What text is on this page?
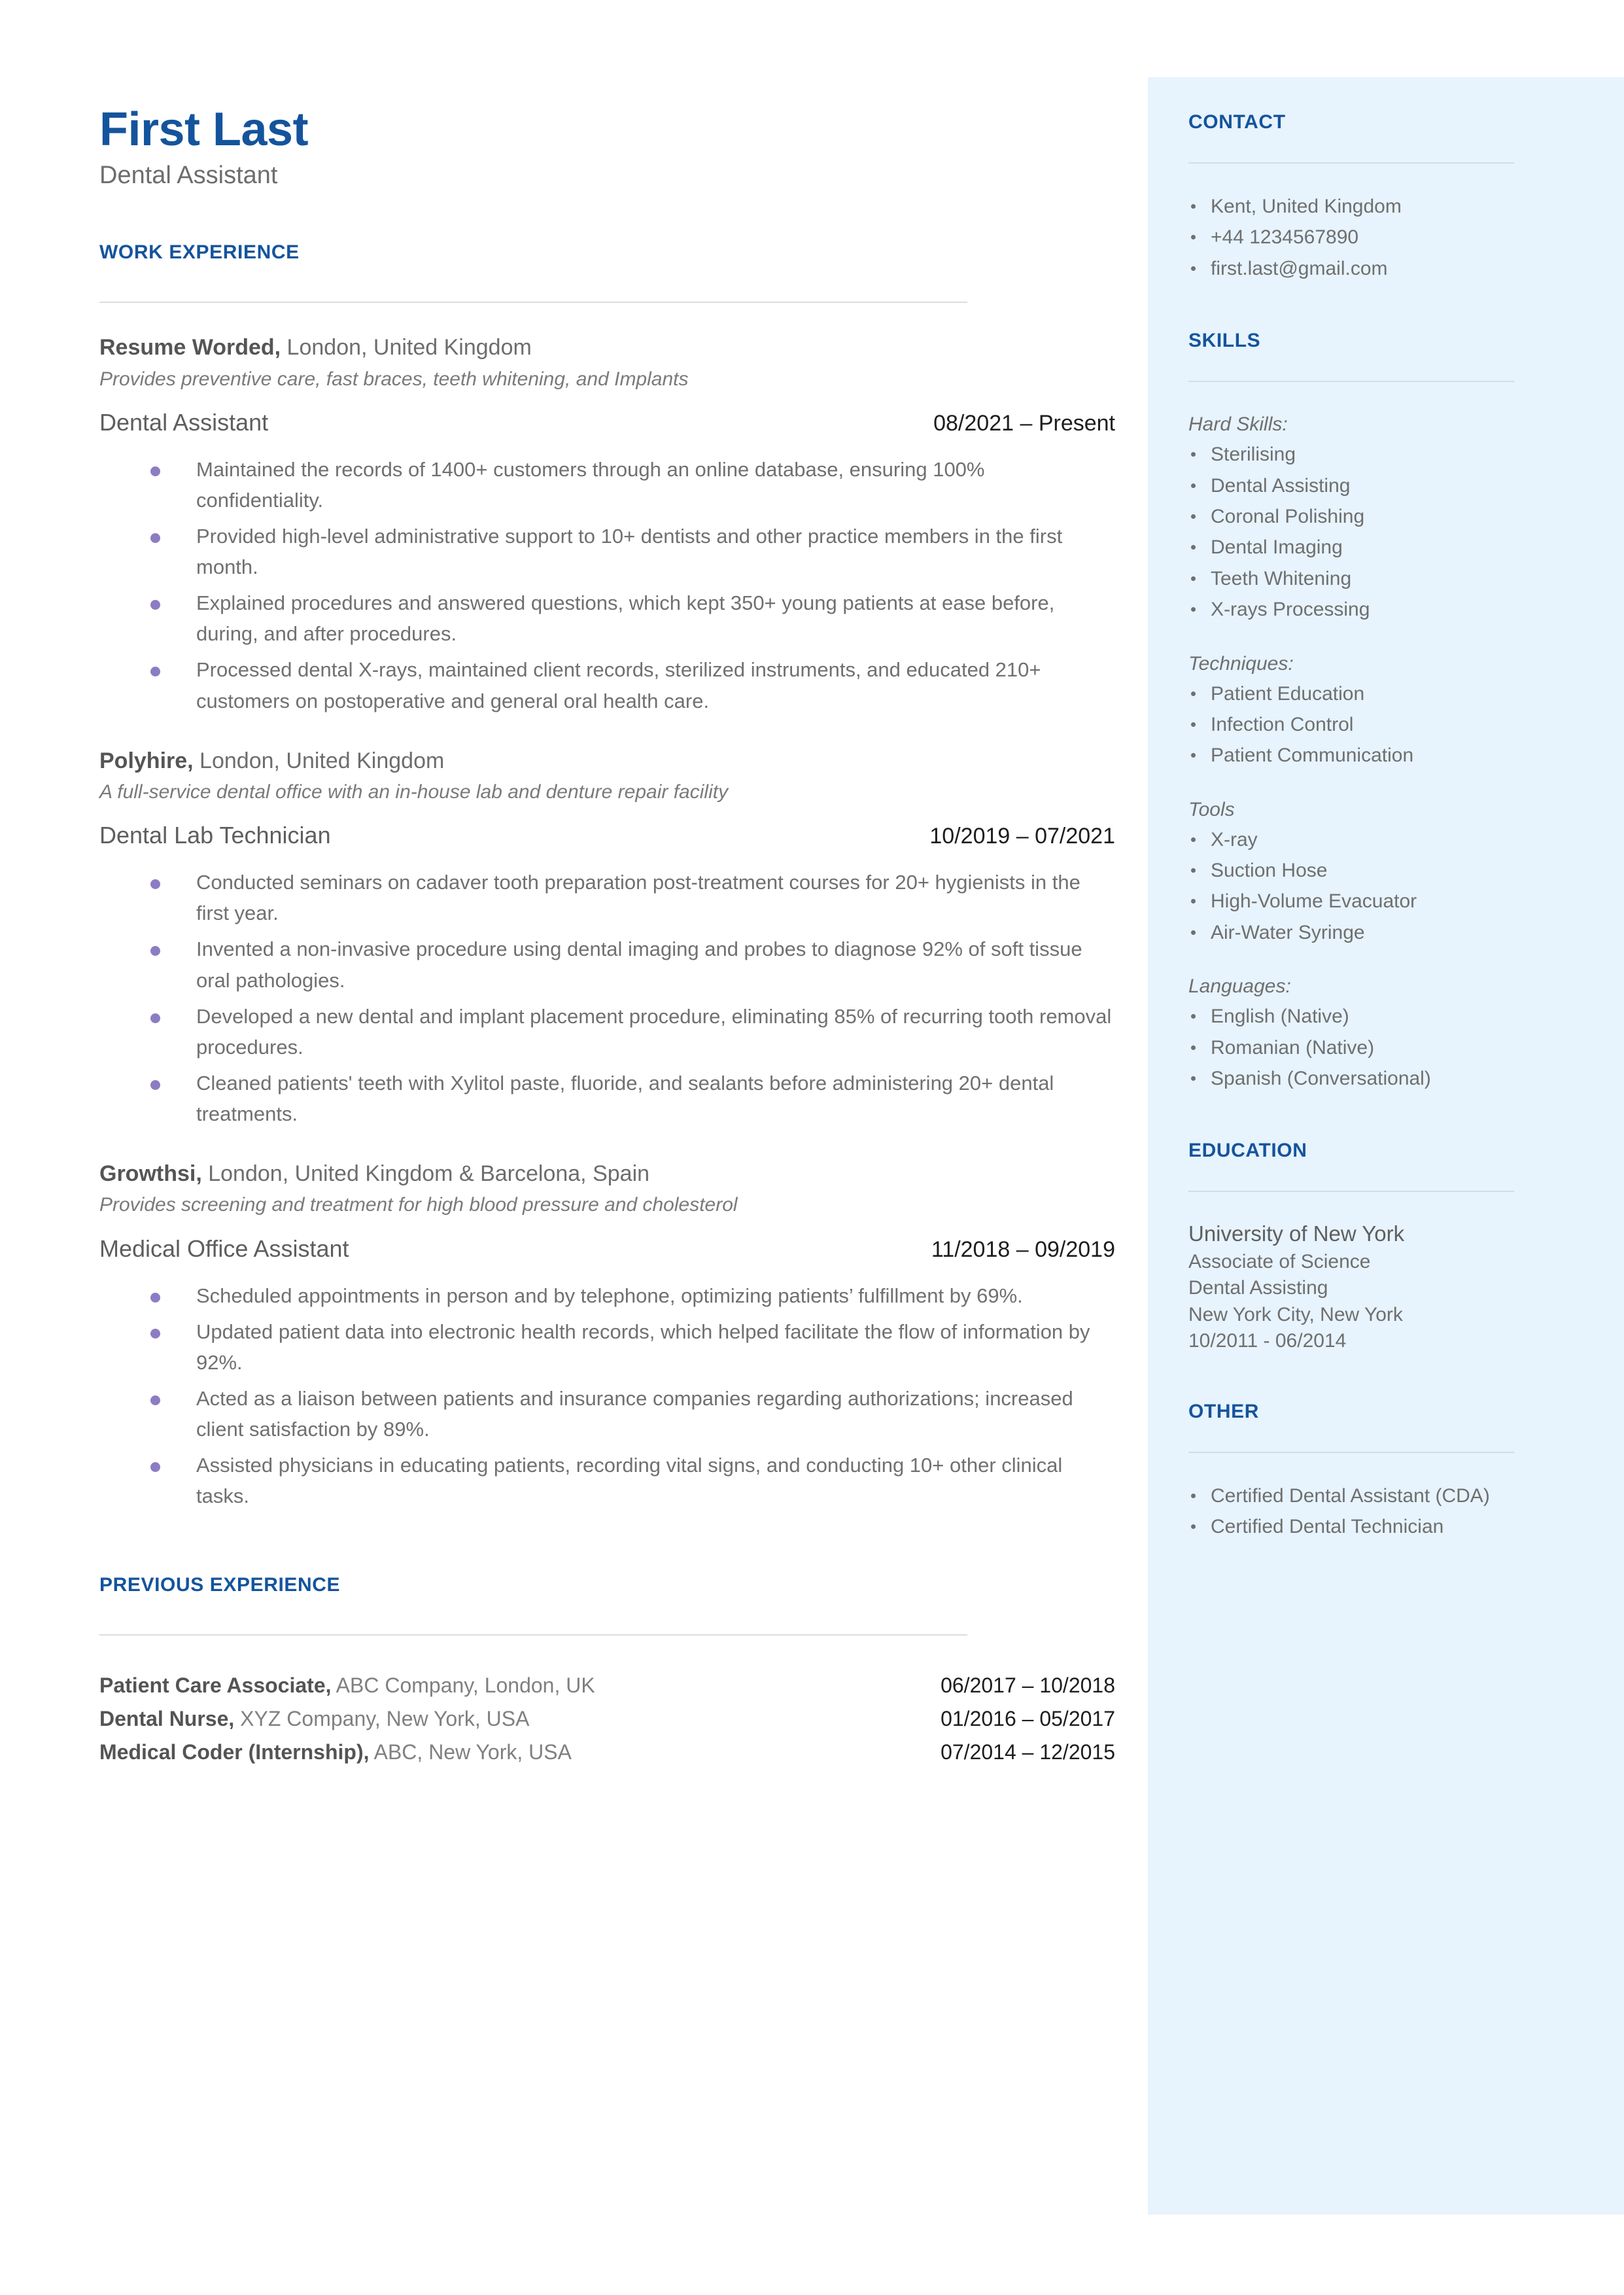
First Last
Dental Assistant
WORK EXPERIENCE
Resume Worded, London, United Kingdom
Provides preventive care, fast braces, teeth whitening, and Implants
Dental Assistant	08/2021 – Present
Maintained the records of 1400+ customers through an online database, ensuring 100% confidentiality.
Provided high-level administrative support to 10+ dentists and other practice members in the first month.
Explained procedures and answered questions, which kept 350+ young patients at ease before, during, and after procedures.
Processed dental X-rays, maintained client records, sterilized instruments, and educated 210+ customers on postoperative and general oral health care.
Polyhire, London, United Kingdom
A full-service dental office with an in-house lab and denture repair facility
Dental Lab Technician	10/2019 – 07/2021
Conducted seminars on cadaver tooth preparation post-treatment courses for 20+ hygienists in the first year.
Invented a non-invasive procedure using dental imaging and probes to diagnose 92% of soft tissue oral pathologies.
Developed a new dental and implant placement procedure, eliminating 85% of recurring tooth removal procedures.
Cleaned patients' teeth with Xylitol paste, fluoride, and sealants before administering 20+ dental treatments.
Growthsi, London, United Kingdom & Barcelona, Spain
Provides screening and treatment for high blood pressure and cholesterol
Medical Office Assistant	11/2018 – 09/2019
Scheduled appointments in person and by telephone, optimizing patients’ fulfillment by 69%.
Updated patient data into electronic health records, which helped facilitate the flow of information by 92%.
Acted as a liaison between patients and insurance companies regarding authorizations; increased client satisfaction by 89%.
Assisted physicians in educating patients, recording vital signs, and conducting 10+ other clinical tasks.
PREVIOUS EXPERIENCE
Patient Care Associate, ABC Company, London, UK	06/2017 – 10/2018
Dental Nurse, XYZ Company, New York, USA	01/2016 – 05/2017
Medical Coder (Internship), ABC, New York, USA	07/2014 – 12/2015
CONTACT
Kent, United Kingdom
+44 1234567890
first.last@gmail.com
SKILLS
Hard Skills:
Sterilising
Dental Assisting
Coronal Polishing
Dental Imaging
Teeth Whitening
X-rays Processing
Techniques:
Patient Education
Infection Control
Patient Communication
Tools
X-ray
Suction Hose
High-Volume Evacuator
Air-Water Syringe
Languages:
English (Native)
Romanian (Native)
Spanish (Conversational)
EDUCATION
University of New York
Associate of Science
Dental Assisting
New York City, New York
10/2011 - 06/2014
OTHER
Certified Dental Assistant (CDA)
Certified Dental Technician
